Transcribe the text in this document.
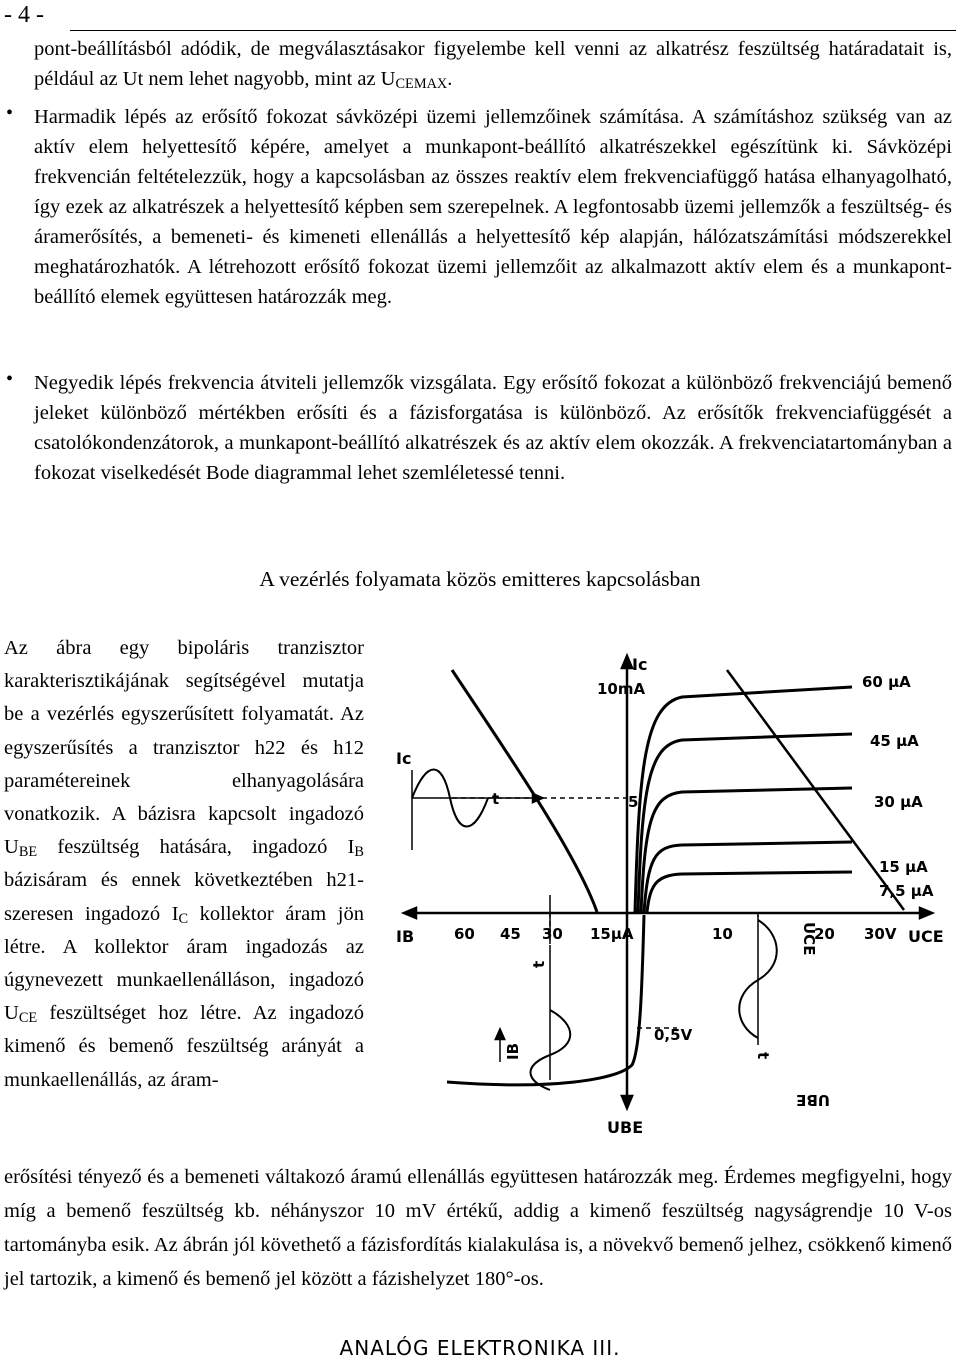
- 4 -
pont-beállításból adódik, de megválasztásakor figyelembe kell venni az alkatrész feszültség határadatait is, például az Ut nem lehet nagyobb, mint az $U_{CEMAX}$.
• Harmadik lépés az erősítő fokozat sávközépi üzemi jellemzőinek számítása. A számításhoz szükség van az aktív elem helyettesítő képére, amelyet a munkapont-beállító alkatrészekkel egészítünk ki. Sávközépi frekvencián feltételezzük, hogy a kapcsolásban az összes reaktív elem frekvenciafüggő hatása elhanyagolható, így ezek az alkatrészek a helyettesítő képben sem szerepelnek. A legfontosabb üzemi jellemzők a feszültség- és áramerősítés, a bemeneti- és kimeneti ellenállás a helyettesítő kép alapján, hálózatszámítási módszerekkel meghatározhatók. A létrehozott erősítő fokozat üzemi jellemzőit az alkalmazott aktív elem és a munkapont-beállító elemek együttesen határozzák meg.
• Negyedik lépés frekvencia átviteli jellemzők vizsgálata. Egy erősítő fokozat a különböző frekvenciájú bemenő jeleket különböző mértékben erősíti és a fázisforgatása is különböző. Az erősítők frekvenciafüggését a csatolókondenzátorok, a munkapont-beállító alkatrészek és az aktív elem okozzák. A frekvenciatartományban a fokozat viselkedését Bode diagrammal lehet szemléletessé tenni.
A vezérlés folyamata közös emitteres kapcsolásban
Az ábra egy bipoláris tranzisztor karakterisztikájának segítségével mutatja be a vezérlés egyszerűsített folyamatát. Az egyszerűsítés a tranzisztor h22 és h12 paramétereinek elhanyagolására vonatkozik. A bázisra kapcsolt ingadozó $U_{BE}$ feszültség hatására, ingadozó $I_B$ bázisáram és ennek következtében h21-szeresen ingadozó $I_C$ kollektor áram jön létre. A kollektor áram ingadozás az úgynevezett munkaellenálláson, ingadozó $U_{CE}$ feszültséget hoz létre. Az ingadozó kimenő és bemenő feszültség arányát a munkaellenállás, az áram-
Ic
10mA
5
Ic
t
IB	60 45 30 15µA	10	20 30V UCE
UCE
60 µA
45 µA
30 µA
15 µA
7,5 µA
0,5V
UBE
UBE
t
IB	t
erősítési tényező és a bemeneti váltakozó áramú ellenállás együttesen határozzák meg. Érdemes megfigyelni, hogy míg a bemenő feszültség kb. néhányszor 10 mV értékű, addig a kimenő feszültség nagyságrendje 10 V-os tartományba esik. Az ábrán jól követhető a fázisfordítás kialakulása is, a növekvő bemenő jelhez, csökkenő kimenő jel tartozik, a kimenő és bemenő jel között a fázishelyzet 180°-os.
ANALÓG ELEKTRONIKA III.
